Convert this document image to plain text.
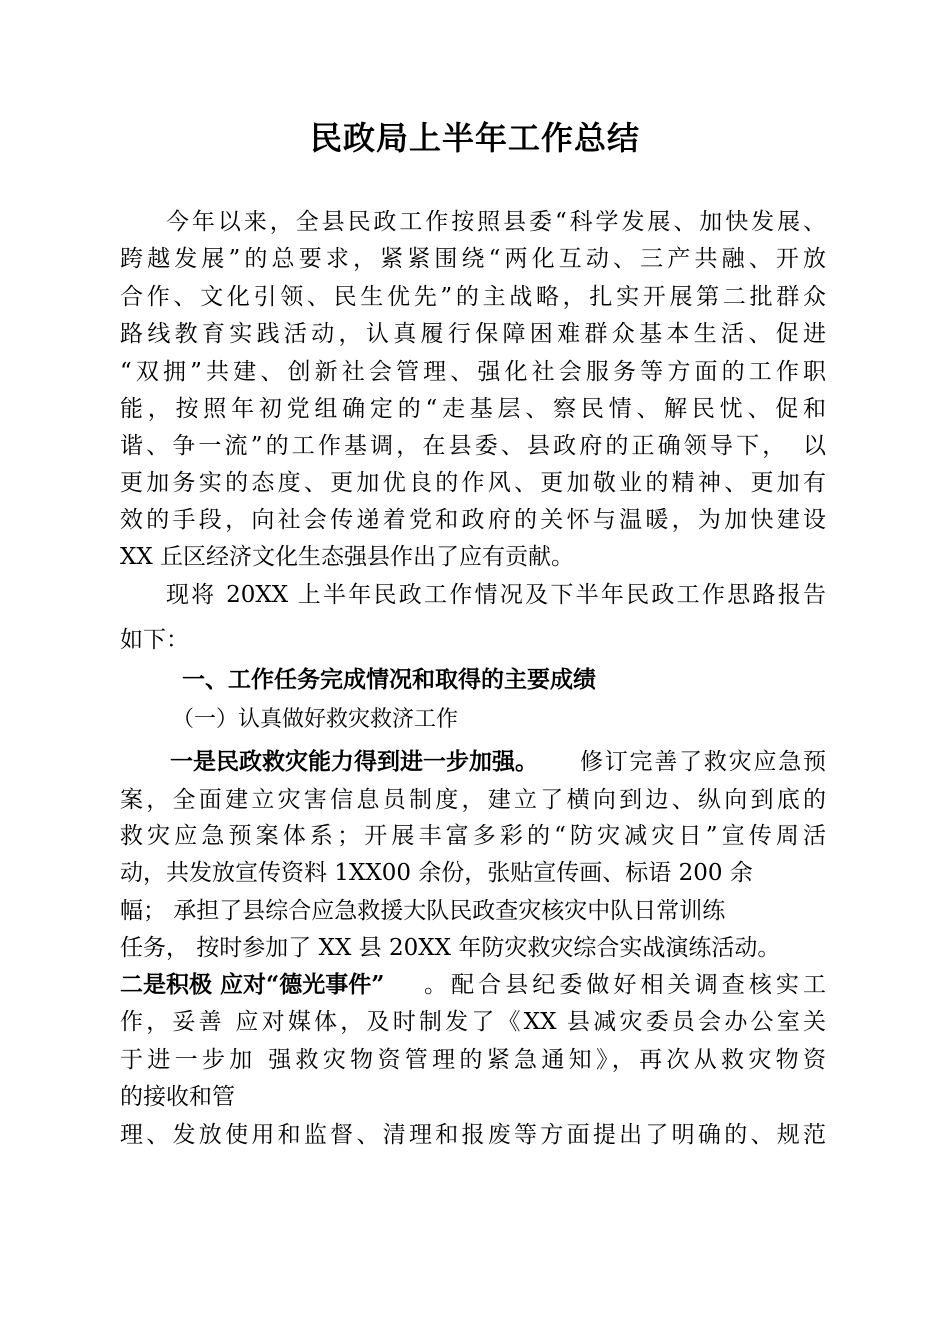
民政局上半年工作总结
今年以来，全县民政工作按照县委“科学发展、加快发展、
跨越发展”的总要求，紧紧围绕“两化互动、三产共融、开放
合作、文化引领、民生优先”的主战略，扎实开展第二批群众
路线教育实践活动，认真履行保障困难群众基本生活、促进
“双拥”共建、创新社会管理、强化社会服务等方面的工作职
能，按照年初党组确定的“走基层、察民情、解民忧、促和
谐、争一流”的工作基调，在县委、县政府的正确领导下，　以
更加务实的态度、更加优良的作风、更加敬业的精神、更加有
效的手段，向社会传递着党和政府的关怀与温暖，为加快建设
XX 丘区经济文化生态强县作出了应有贡献。
现将 20XX 上半年民政工作情况及下半年民政工作思路报告
如下：
一、工作任务完成情况和取得的主要成绩
（一）认真做好救灾救济工作
一是民政救灾能力得到进一步加强。 修订完善了救灾应急预
案，全面建立灾害信息员制度，建立了横向到边、纵向到底的
救灾应急预案体系；开展丰富多彩的“防灾减灾日”宣传周活
动，共发放宣传资料 1XX00 余份，张贴宣传画、标语 200 余
幅； 承担了县综合应急救援大队民政查灾核灾中队日常训练
任务， 按时参加了 XX 县 20XX 年防灾救灾综合实战演练活动。
二是积极 应对“德光事件” 。配合县纪委做好相关调查核实工
作，妥善 应对媒体，及时制发了《XX 县减灾委员会办公室关
于进一步加 强救灾物资管理的紧急通知》，再次从救灾物资
的接收和管
理、发放使用和监督、清理和报废等方面提出了明确的、规范
